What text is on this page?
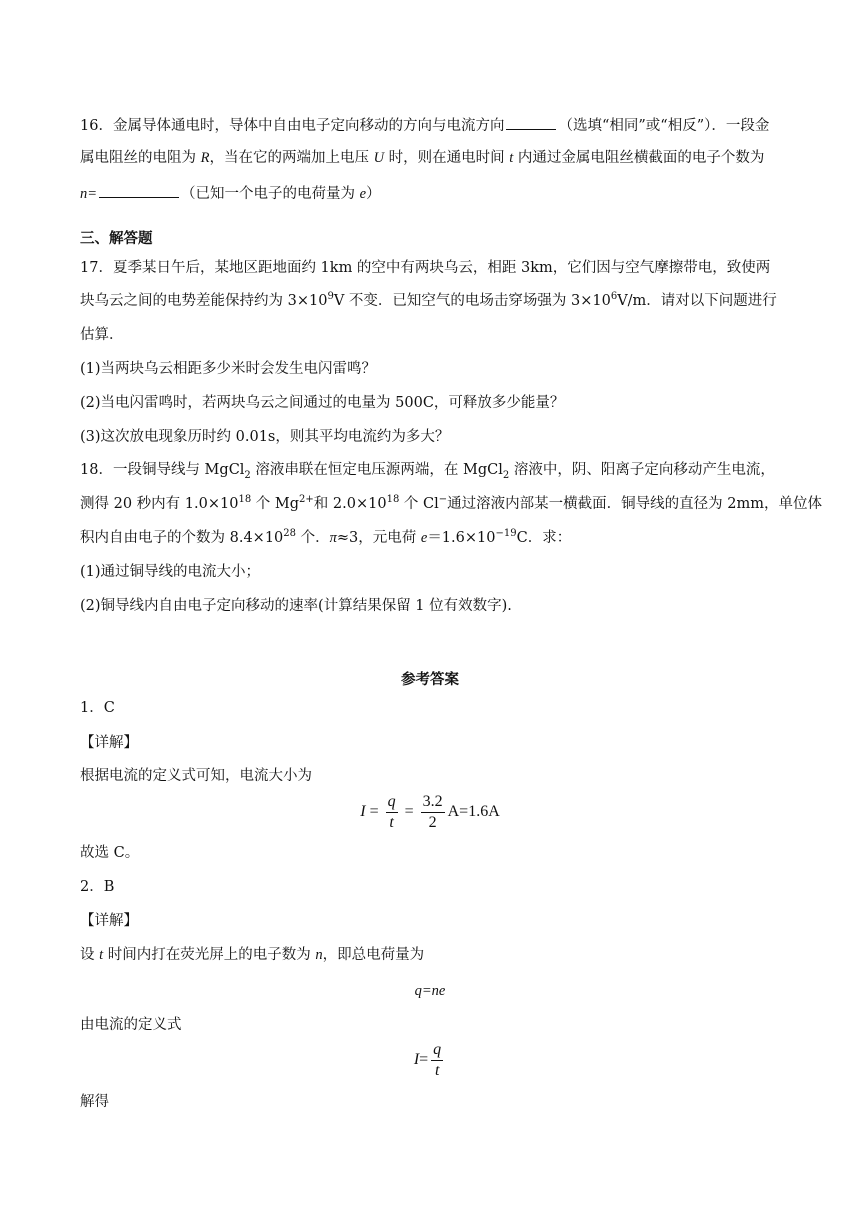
16．金属导体通电时，导体中自由电子定向移动的方向与电流方向	（选填“相同”或“相反”）．一段金
属电阻丝的电阻为 R，当在它的两端加上电压 U 时，则在通电时间 t 内通过金属电阻丝横截面的电子个数为
n=	（已知一个电子的电荷量为 e）
三、解答题
17．夏季某日午后，某地区距地面约 1km 的空中有两块乌云，相距 3km，它们因与空气摩擦带电，致使两
块乌云之间的电势差能保持约为 $3\times 10^9V$ 不变．已知空气的电场击穿场强为 $3\times 10^6V/m$．请对以下问题进行
估算．
(1)当两块乌云相距多少米时会发生电闪雷鸣？
(2)当电闪雷鸣时，若两块乌云之间通过的电量为 500C，可释放多少能量？
(3)这次放电现象历时约 0.01s，则其平均电流约为多大？
18．一段铜导线与 MgCl$_2$ 溶液串联在恒定电压源两端，在 MgCl$_2$ 溶液中，阴、阳离子定向移动产生电流，
测得 20 秒内有 $1.0\times 10^{18}$ 个 $Mg^{2+}$和 $2.0\times 10^{18}$ 个 Cl−通过溶液内部某一横截面．铜导线的直径为 2mm，单位体
积内自由电子的个数为 $8.4\times 10^{28}$ 个．π≈3，元电荷 $e=1.6\times 10^{-19}C$．求：
(1)通过铜导线的电流大小；
(2)铜导线内自由电子定向移动的速率(计算结果保留 1 位有效数字).
参考答案
1．C
【详解】
根据电流的定义式可知，电流大小为
$I = \frac{q}{t} = \frac{3.2}{2} A=1.6A$
故选 C。
2．B
【详解】
设 t 时间内打在荧光屏上的电子数为 n，即总电荷量为
q=ne
由电流的定义式
$I= \frac{q}{t}$
解得
